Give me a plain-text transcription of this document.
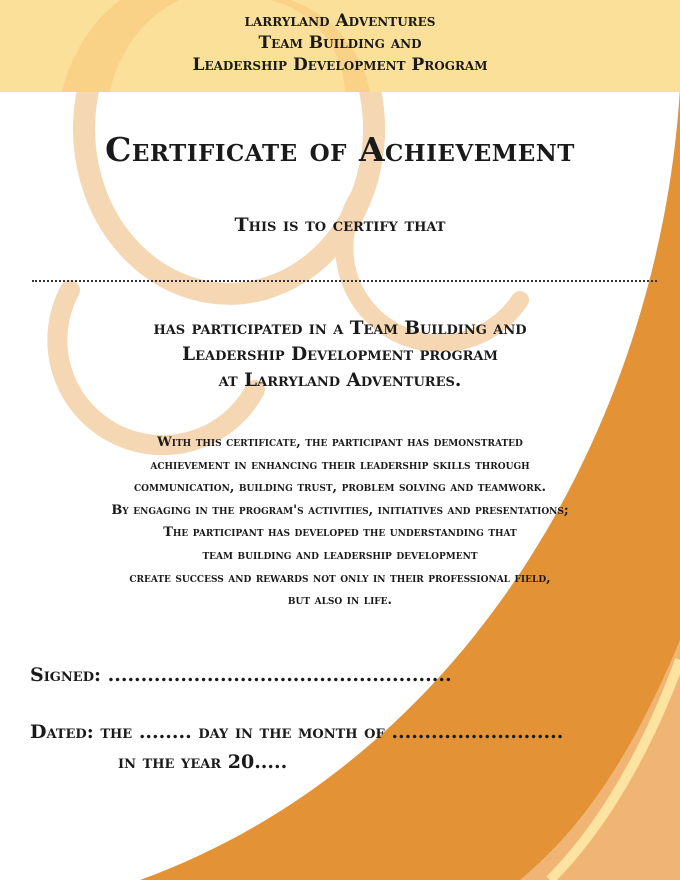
larryland Adventures
Team Building and
Leadership Development Program
Certificate of Achievement
This is to certify that
has participated in a Team Building and
Leadership Development program
at Larryland Adventures.
With this certificate, the participant has demonstrated
achievement in enhancing their leadership skills through
communication, building trust, problem solving and teamwork.
By engaging in the program's activities, initiatives and presentations;
The participant has developed the understanding that
team building and leadership development
create success and rewards not only in their professional field,
but also in life.
Signed: ....................................................
Dated: the ........ day in the month of ..........................
in the year 20.....
